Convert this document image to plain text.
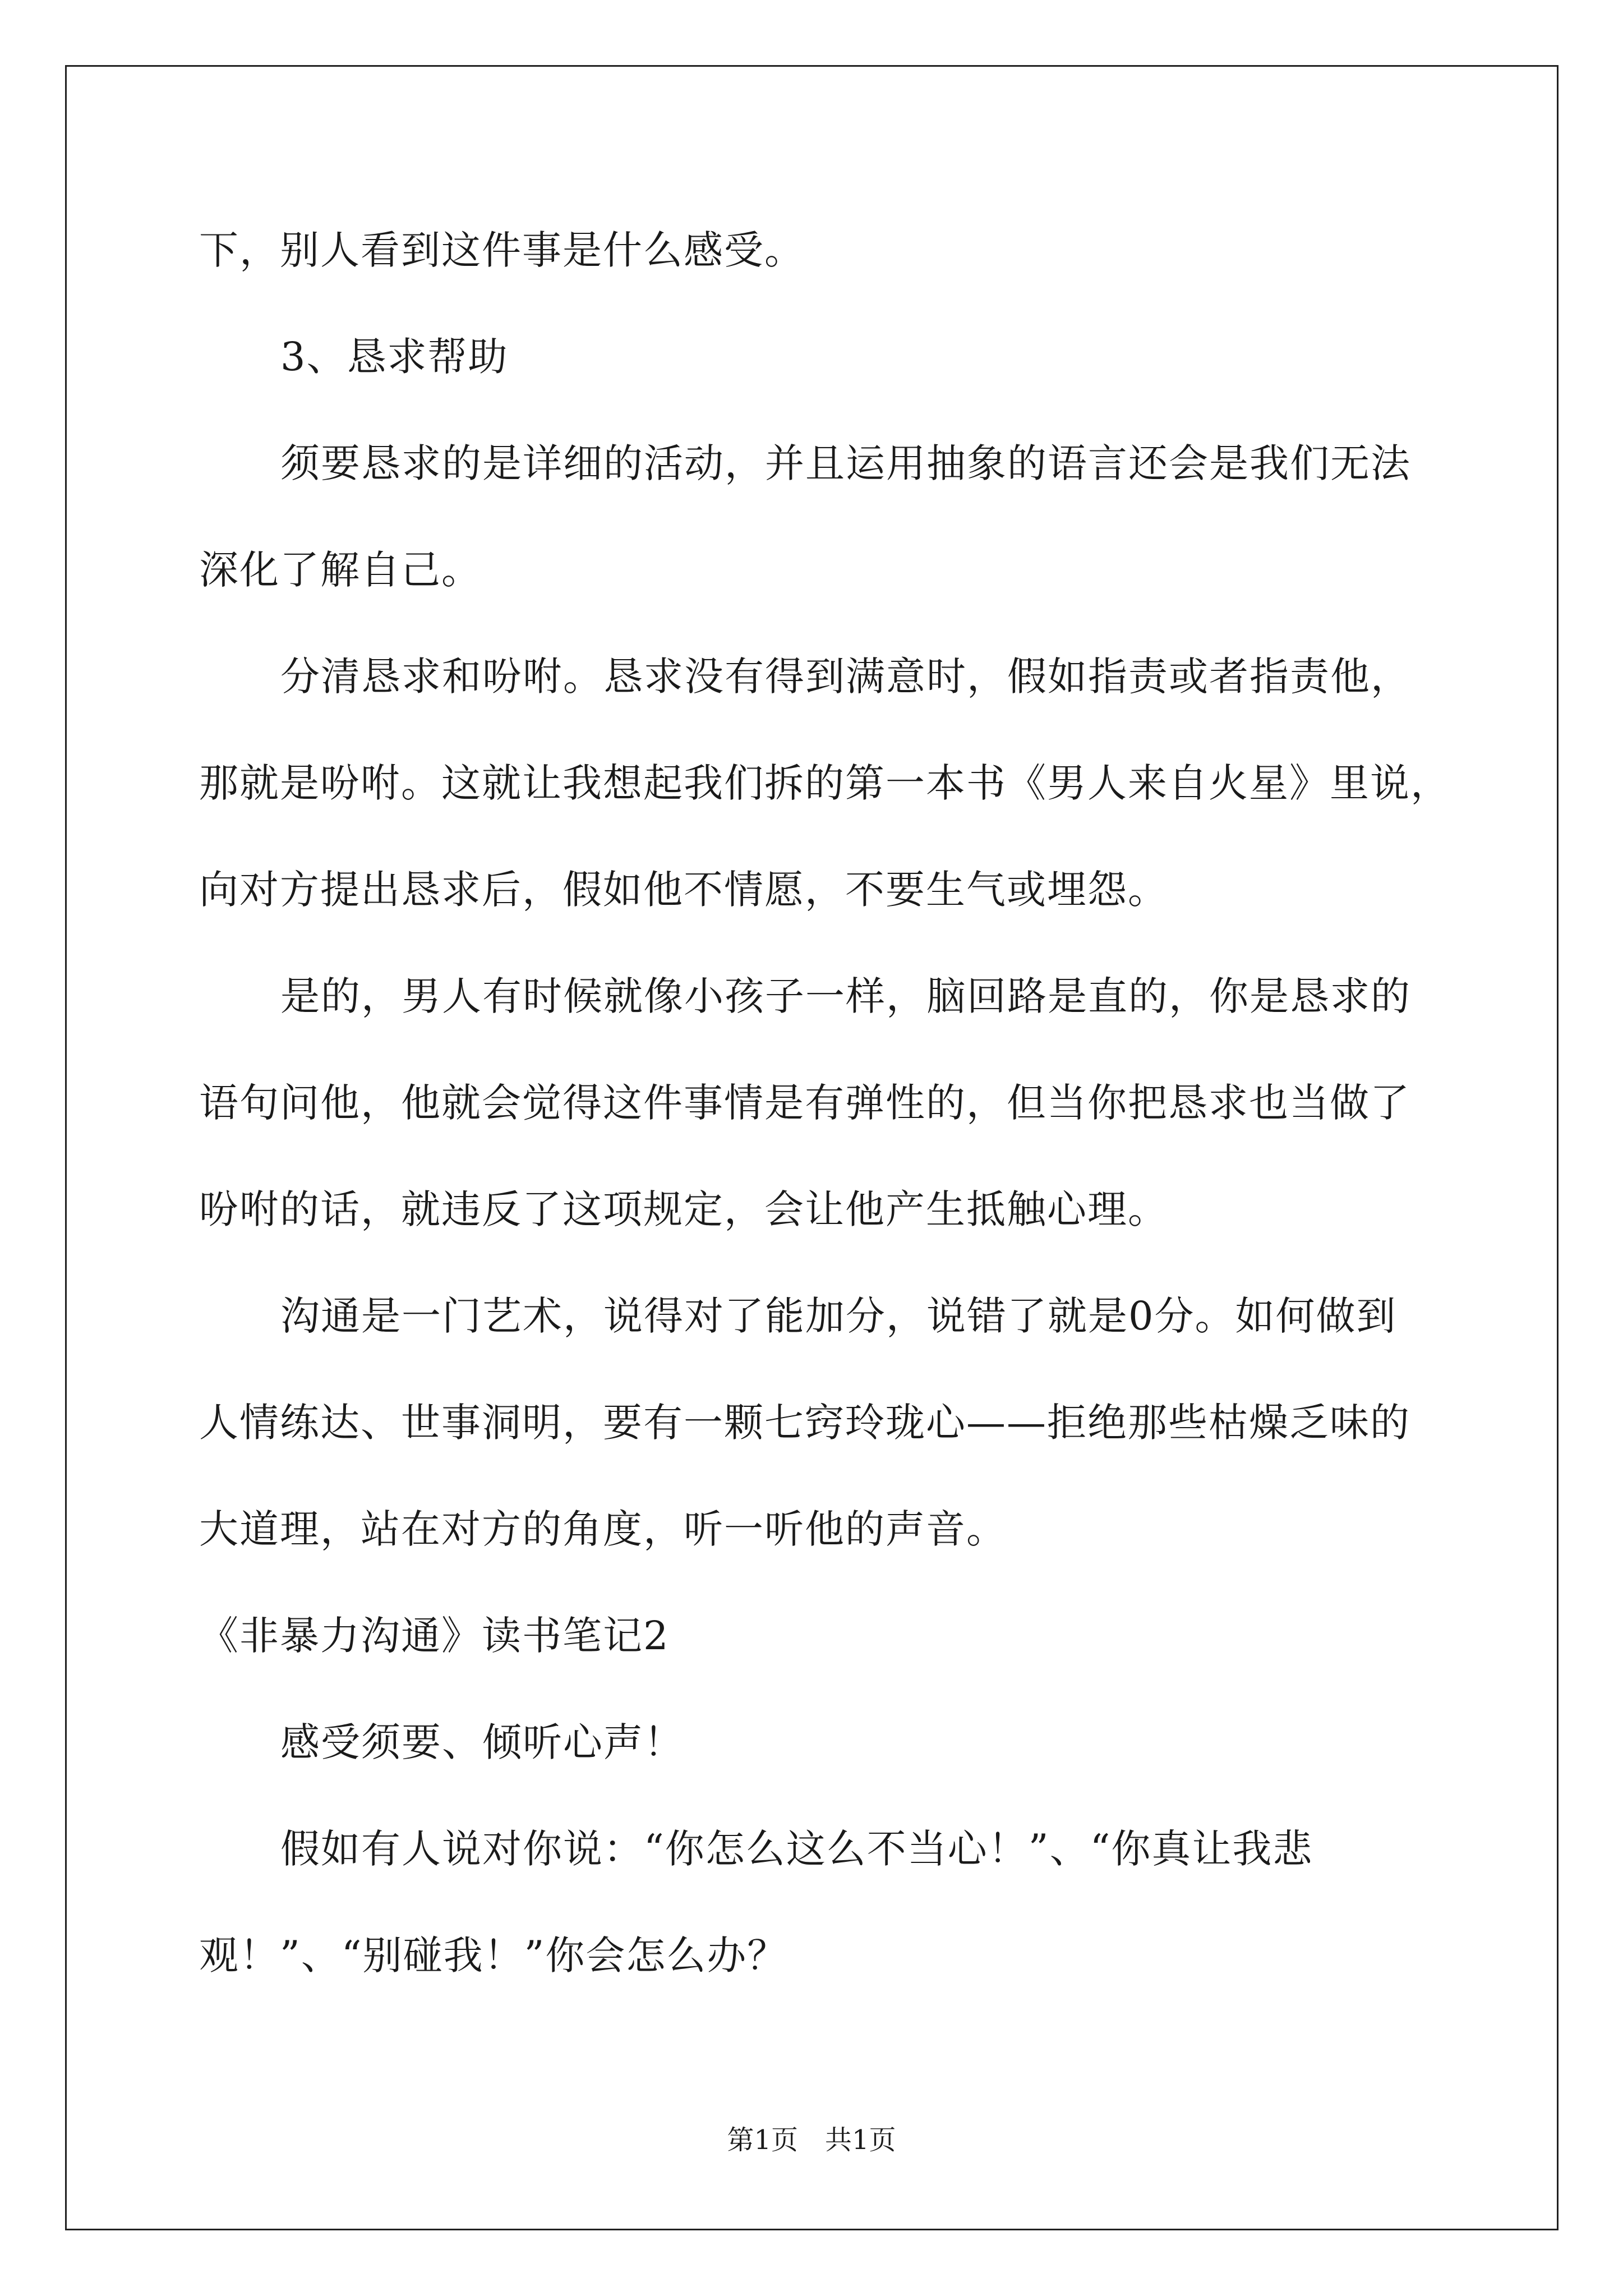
下，别人看到这件事是什么感受。
3、恳求帮助
须要恳求的是详细的活动，并且运用抽象的语言还会是我们无法
深化了解自己。
分清恳求和吩咐。恳求没有得到满意时，假如指责或者指责他，
那就是吩咐。这就让我想起我们拆的第一本书《男人来自火星》里说，
向对方提出恳求后，假如他不情愿，不要生气或埋怨。
是的，男人有时候就像小孩子一样，脑回路是直的，你是恳求的
语句问他，他就会觉得这件事情是有弹性的，但当你把恳求也当做了
吩咐的话，就违反了这项规定，会让他产生抵触心理。
沟通是一门艺术，说得对了能加分，说错了就是0分。如何做到
人情练达、世事洞明，要有一颗七窍玲珑心——拒绝那些枯燥乏味的
大道理，站在对方的角度，听一听他的声音。
《非暴力沟通》读书笔记2
感受须要、倾听心声！
假如有人说对你说：“你怎么这么不当心！”、“你真让我悲
观！”、“别碰我！”你会怎么办？
第1页　共1页
